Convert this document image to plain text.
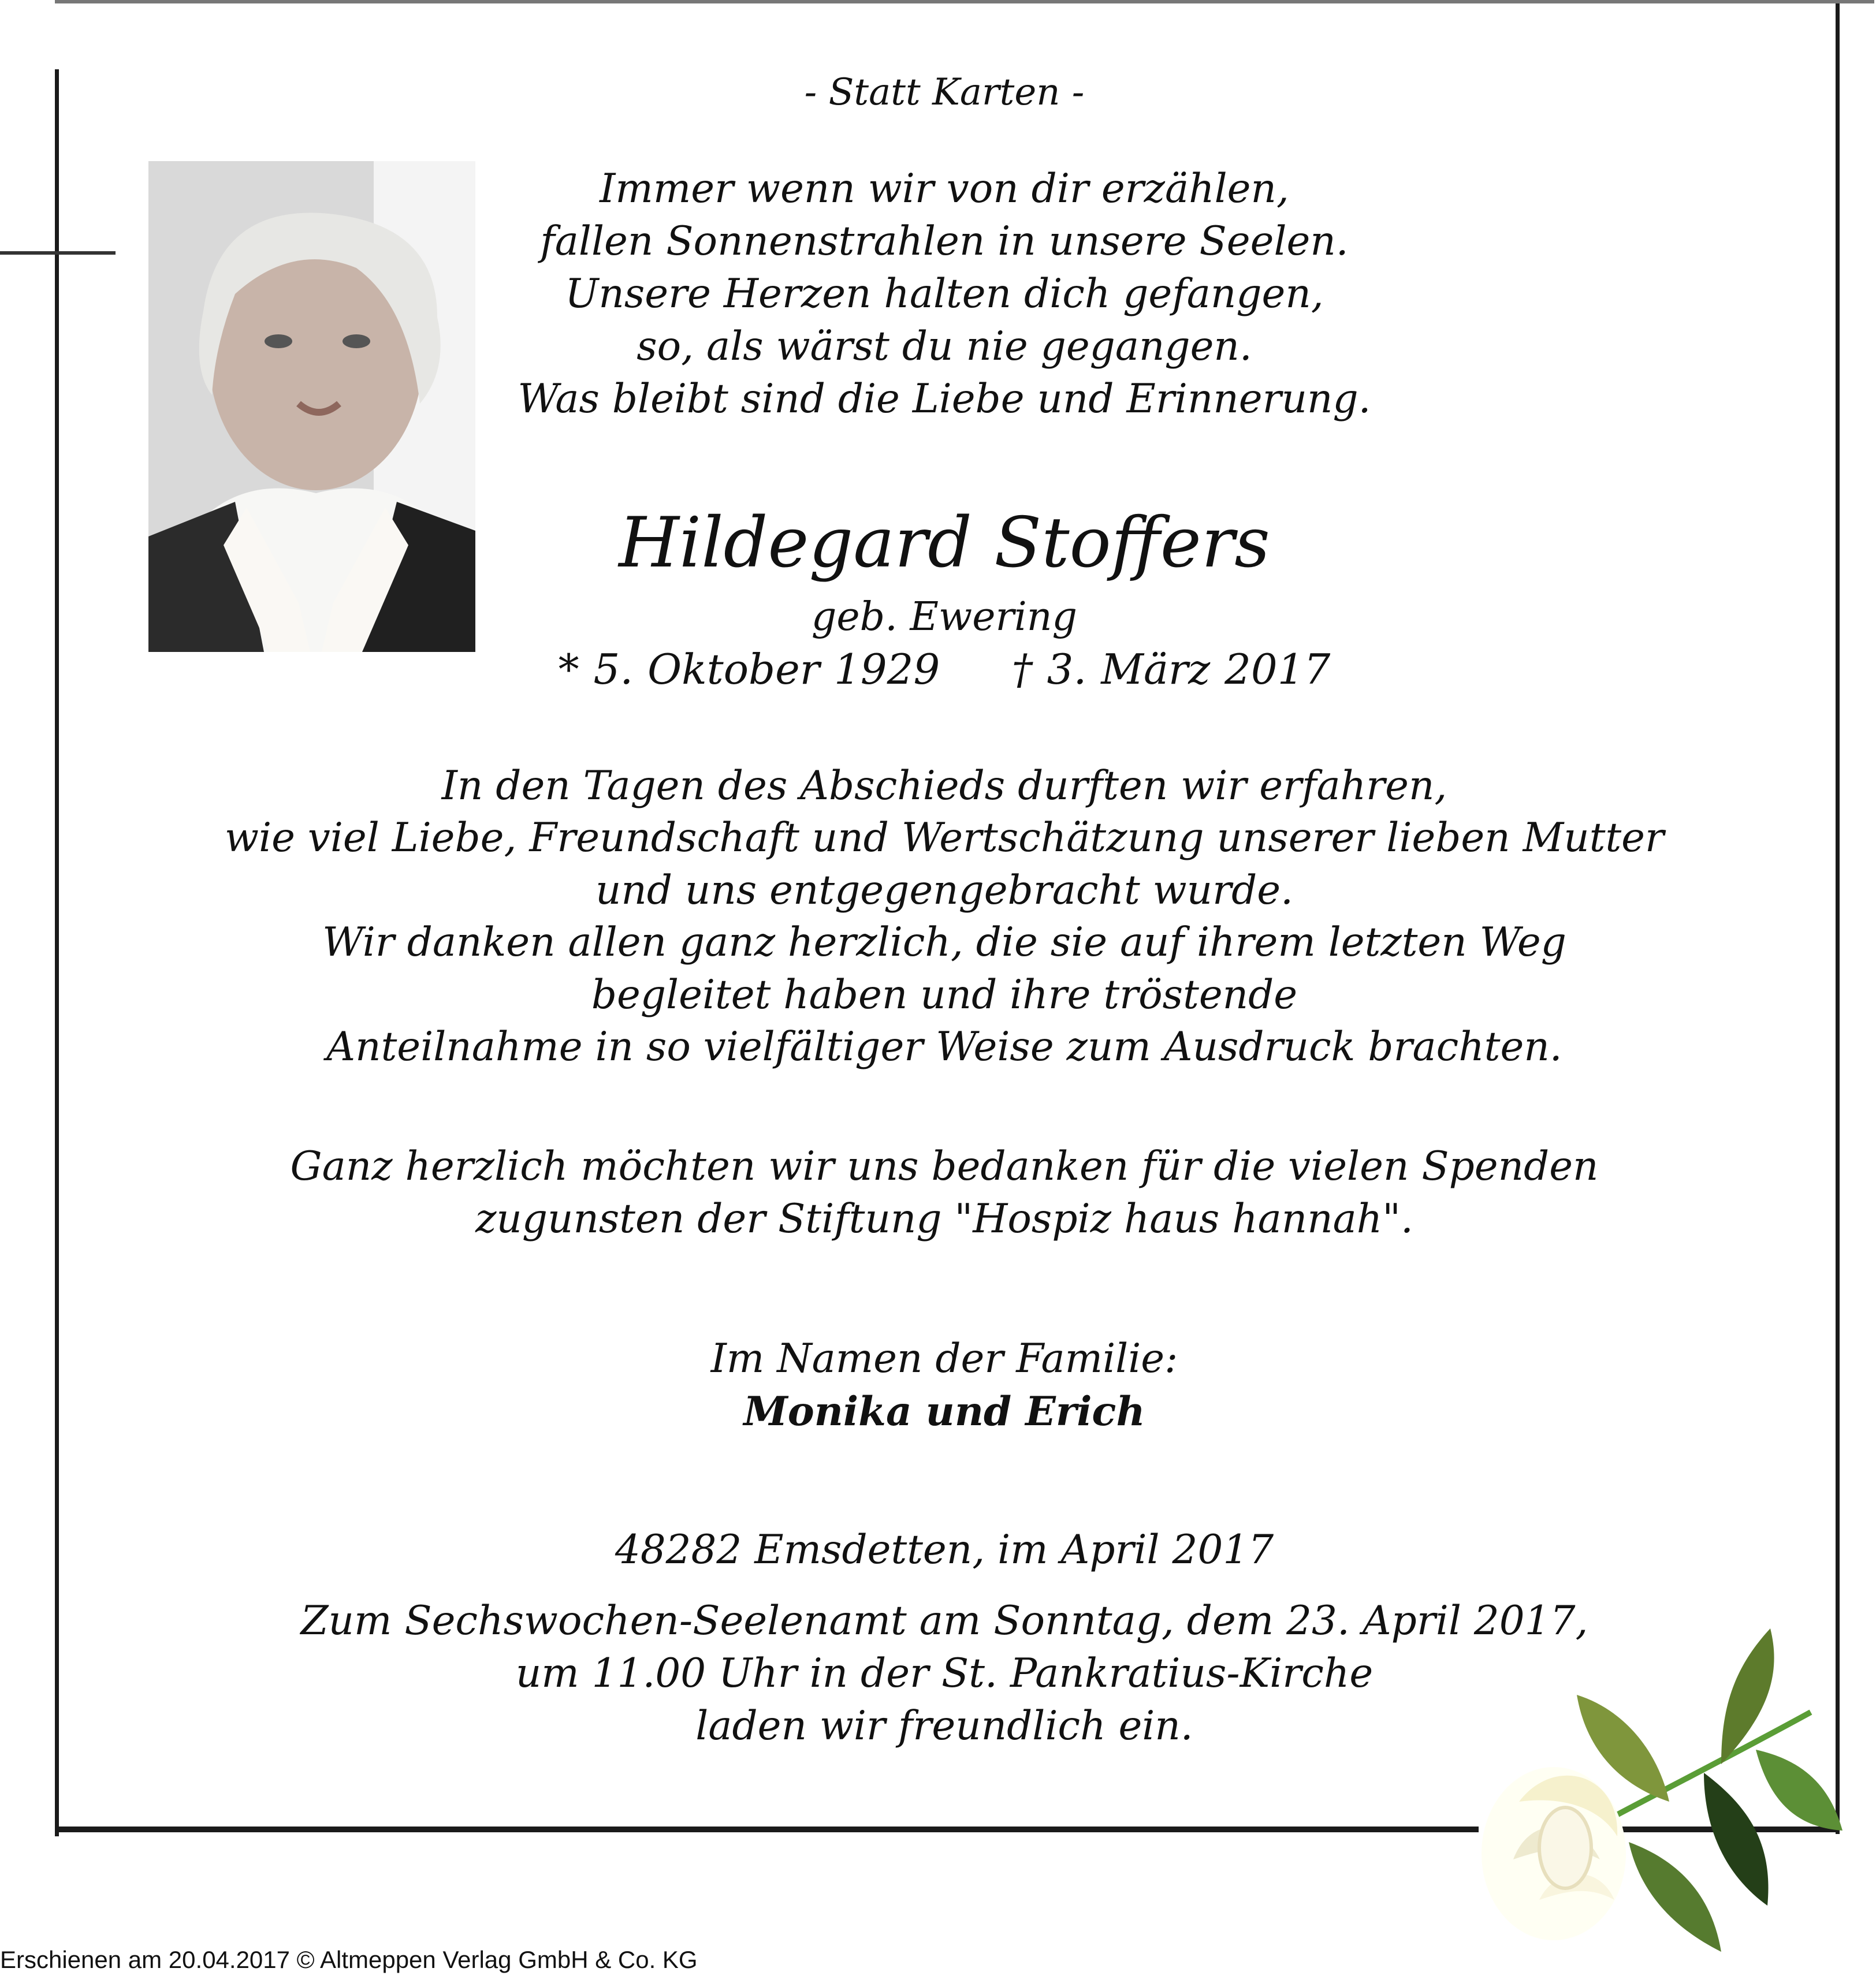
- Statt Karten -
Immer wenn wir von dir erzählen,
fallen Sonnenstrahlen in unsere Seelen.
Unsere Herzen halten dich gefangen,
so, als wärst du nie gegangen.
Was bleibt sind die Liebe und Erinnerung.
Hildegard Stoffers
geb. Ewering
* 5. Oktober 1929 † 3. März 2017
In den Tagen des Abschieds durften wir erfahren,
wie viel Liebe, Freundschaft und Wertschätzung unserer lieben Mutter
und uns entgegengebracht wurde.
Wir danken allen ganz herzlich, die sie auf ihrem letzten Weg
begleitet haben und ihre tröstende
Anteilnahme in so vielfältiger Weise zum Ausdruck brachten.
Ganz herzlich möchten wir uns bedanken für die vielen Spenden
zugunsten der Stiftung "Hospiz haus hannah".
Im Namen der Familie:
Monika und Erich
48282 Emsdetten, im April 2017
Zum Sechswochen-Seelenamt am Sonntag, dem 23. April 2017,
um 11.00 Uhr in der St. Pankratius-Kirche
laden wir freundlich ein.
Erschienen am 20.04.2017 © Altmeppen Verlag GmbH & Co. KG
